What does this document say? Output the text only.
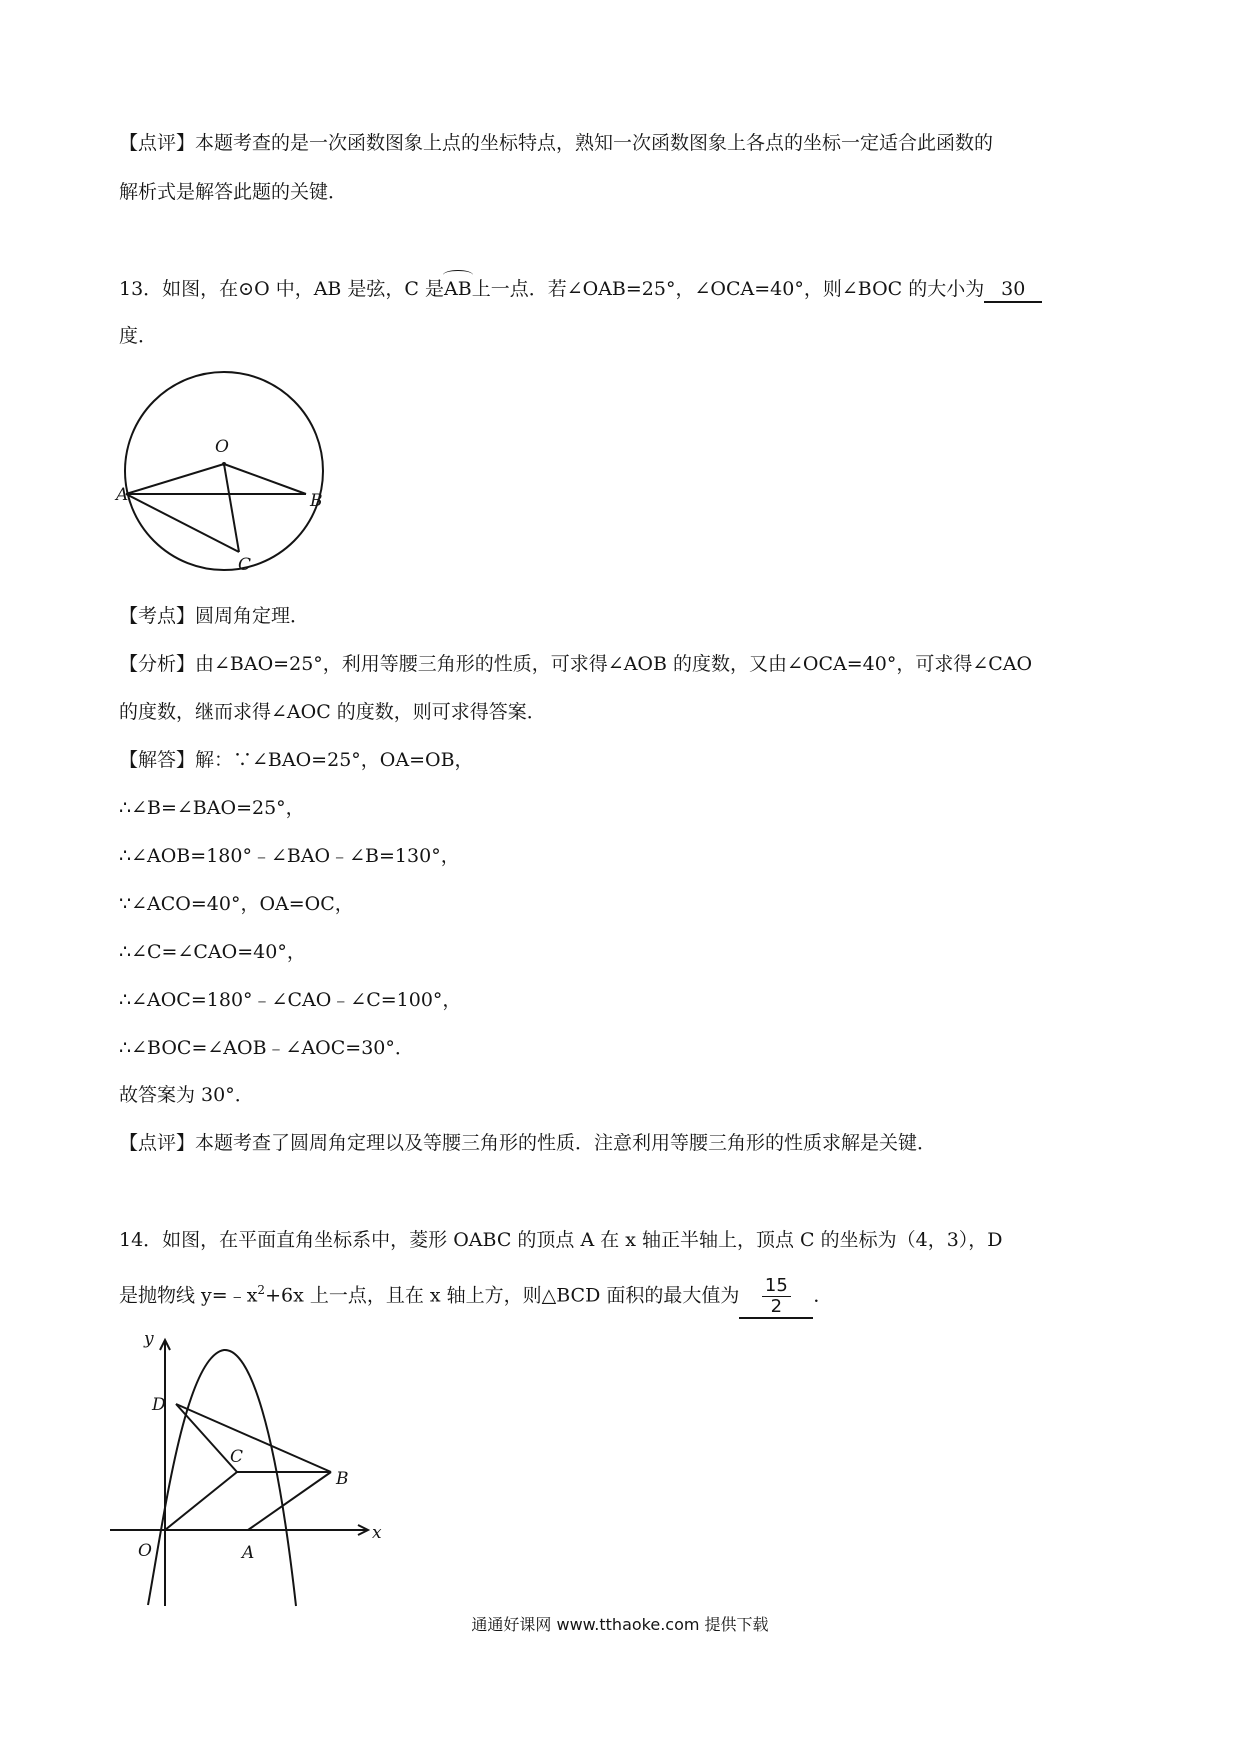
【点评】本题考查的是一次函数图象上点的坐标特点，熟知一次函数图象上各点的坐标一定适合此函数的
解析式是解答此题的关键．
13．如图，在⊙O 中，AB 是弦，C 是
AB上一点．若∠OAB=25°，∠OCA=40°，则∠BOC 的大小为 30
度．
O
A	B
C
【考点】圆周角定理．
【分析】由∠BAO=25°，利用等腰三角形的性质，可求得∠AOB 的度数，又由∠OCA=40°，可求得∠CAO
的度数，继而求得∠AOC 的度数，则可求得答案．
【解答】解：∵∠BAO=25°，OA=OB，
∴∠B=∠BAO=25°，
∴∠AOB=180°﹣∠BAO﹣∠B=130°，
∵∠ACO=40°，OA=OC，
∴∠C=∠CAO=40°，
∴∠AOC=180°﹣∠CAO﹣∠C=100°，
∴∠BOC=∠AOB﹣∠AOC=30°．
故答案为 30°．
【点评】本题考查了圆周角定理以及等腰三角形的性质．注意利用等腰三角形的性质求解是关键．
14．如图，在平面直角坐标系中，菱形 OABC 的顶点 A 在 x 轴正半轴上，顶点 C 的坐标为（4，3），D
是抛物线 $y=﹣x^2+6x$ 上一点，且在 x 轴上方，则△BCD 面积的最大值为 $\frac{15}{2}$ ．
y
x
O	A
B
C
D
通通好课网 www.tthaoke.com 提供下载
